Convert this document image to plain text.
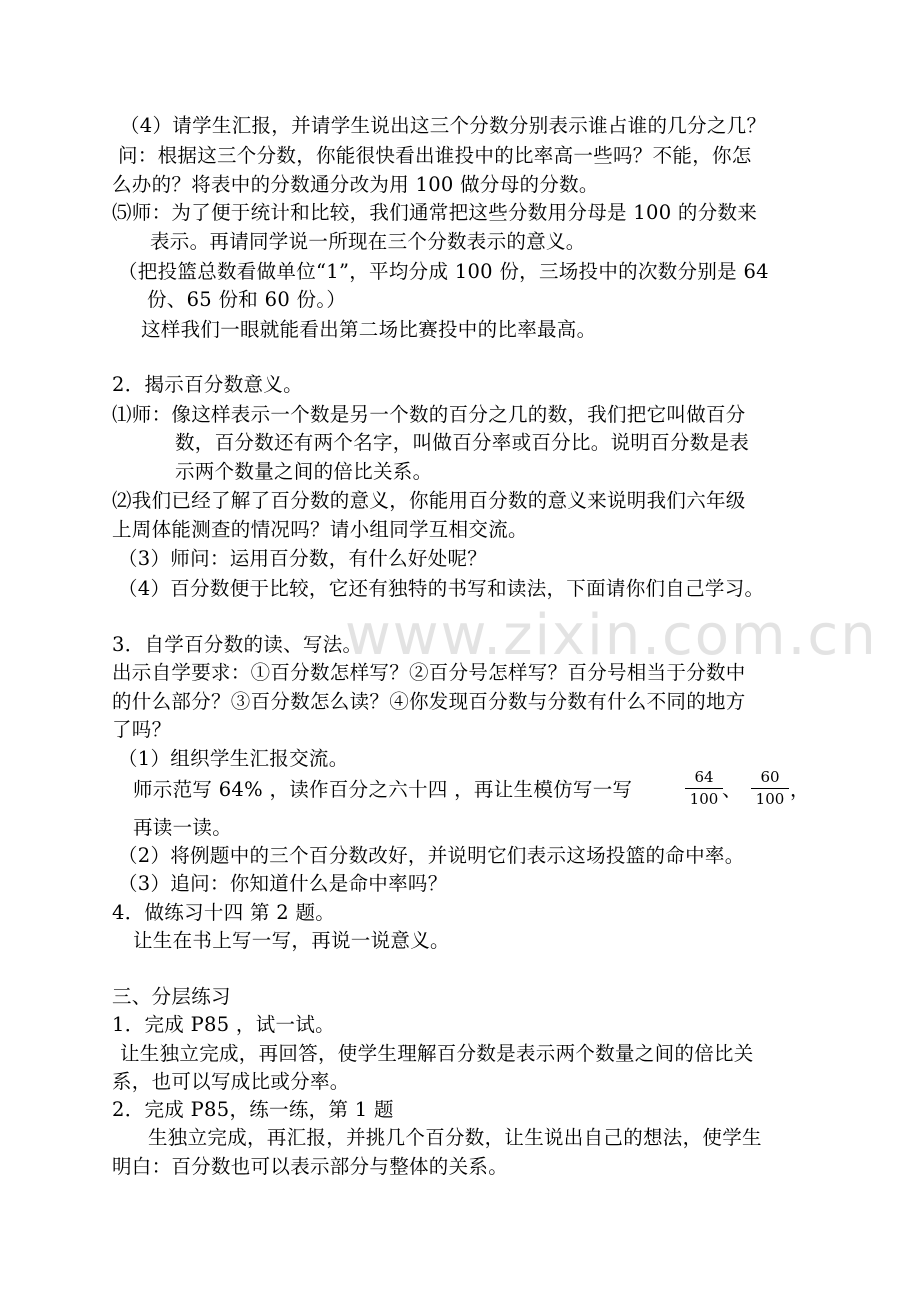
www.zixin.com.cn
（4）请学生汇报，并请学生说出这三个分数分别表示谁占谁的几分之几？
问：根据这三个分数，你能很快看出谁投中的比率高一些吗？不能，你怎
么办的？将表中的分数通分改为用 100 做分母的分数。
⑸师：为了便于统计和比较，我们通常把这些分数用分母是 100 的分数来
表示。再请同学说一所现在三个分数表示的意义。
（把投篮总数看做单位“1”，平均分成 100 份，三场投中的次数分别是 64
份、65 份和 60 份。）
这样我们一眼就能看出第二场比赛投中的比率最高。
2．揭示百分数意义。
⑴师：像这样表示一个数是另一个数的百分之几的数，我们把它叫做百分
数，百分数还有两个名字，叫做百分率或百分比。说明百分数是表
示两个数量之间的倍比关系。
⑵我们已经了解了百分数的意义，你能用百分数的意义来说明我们六年级
上周体能测查的情况吗？请小组同学互相交流。
（3）师问：运用百分数，有什么好处呢？
（4）百分数便于比较，它还有独特的书写和读法，下面请你们自己学习。
3．自学百分数的读、写法。
出示自学要求：①百分数怎样写？②百分号怎样写？百分号相当于分数中
的什么部分？③百分数怎么读？④你发现百分数与分数有什么不同的地方
了吗？
（1）组织学生汇报交流。
师示范写 64% ，读作百分之六十四 ，再让生模仿写一写
64
100 、
60
100 ，
再读一读。
（2）将例题中的三个百分数改好，并说明它们表示这场投篮的命中率。
（3）追问：你知道什么是命中率吗？
4．做练习十四 第 2 题。
让生在书上写一写，再说一说意义。
三、分层练习
1．完成 P85 ，试一试。
让生独立完成，再回答，使学生理解百分数是表示两个数量之间的倍比关
系，也可以写成比或分率。
2．完成 P85，练一练，第 1 题
生独立完成，再汇报，并挑几个百分数，让生说出自己的想法，使学生
明白：百分数也可以表示部分与整体的关系。
